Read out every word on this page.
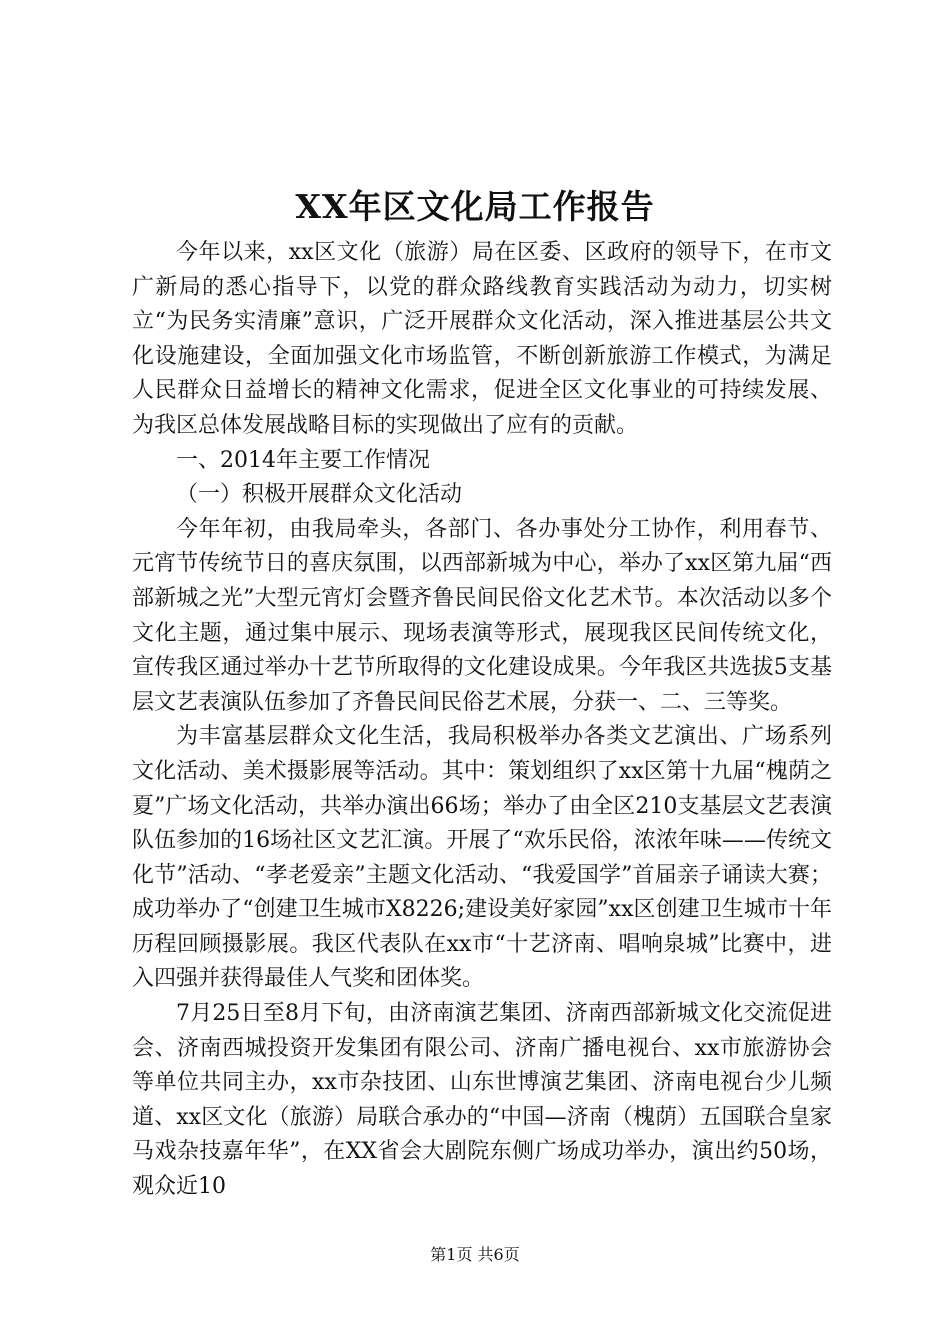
XX年区文化局工作报告

今年以来，xx区文化（旅游）局在区委、区政府的领导下，在市文广新局的悉心指导下，以党的群众路线教育实践活动为动力，切实树立“为民务实清廉”意识，广泛开展群众文化活动，深入推进基层公共文化设施建设，全面加强文化市场监管，不断创新旅游工作模式，为满足人民群众日益增长的精神文化需求，促进全区文化事业的可持续发展、为我区总体发展战略目标的实现做出了应有的贡献。

一、2014年主要工作情况

（一）积极开展群众文化活动

今年年初，由我局牵头，各部门、各办事处分工协作，利用春节、元宵节传统节日的喜庆氛围，以西部新城为中心，举办了xx区第九届“西部新城之光”大型元宵灯会暨齐鲁民间民俗文化艺术节。本次活动以多个文化主题，通过集中展示、现场表演等形式，展现我区民间传统文化，宣传我区通过举办十艺节所取得的文化建设成果。今年我区共选拔5支基层文艺表演队伍参加了齐鲁民间民俗艺术展，分获一、二、三等奖。

为丰富基层群众文化生活，我局积极举办各类文艺演出、广场系列文化活动、美术摄影展等活动。其中：策划组织了xx区第十九届“槐荫之夏”广场文化活动，共举办演出66场；举办了由全区210支基层文艺表演队伍参加的16场社区文艺汇演。开展了“欢乐民俗，浓浓年味——传统文化节”活动、“孝老爱亲”主题文化活动、“我爱国学”首届亲子诵读大赛；成功举办了“创建卫生城市X8226;建设美好家园”xx区创建卫生城市十年历程回顾摄影展。我区代表队在xx市“十艺济南、唱响泉城”比赛中，进入四强并获得最佳人气奖和团体奖。

7月25日至8月下旬，由济南演艺集团、济南西部新城文化交流促进会、济南西城投资开发集团有限公司、济南广播电视台、xx市旅游协会等单位共同主办，xx市杂技团、山东世博演艺集团、济南电视台少儿频道、xx区文化（旅游）局联合承办的“中国—济南（槐荫）五国联合皇家马戏杂技嘉年华”，在XX省会大剧院东侧广场成功举办，演出约50场，观众近10

第1页 共6页
